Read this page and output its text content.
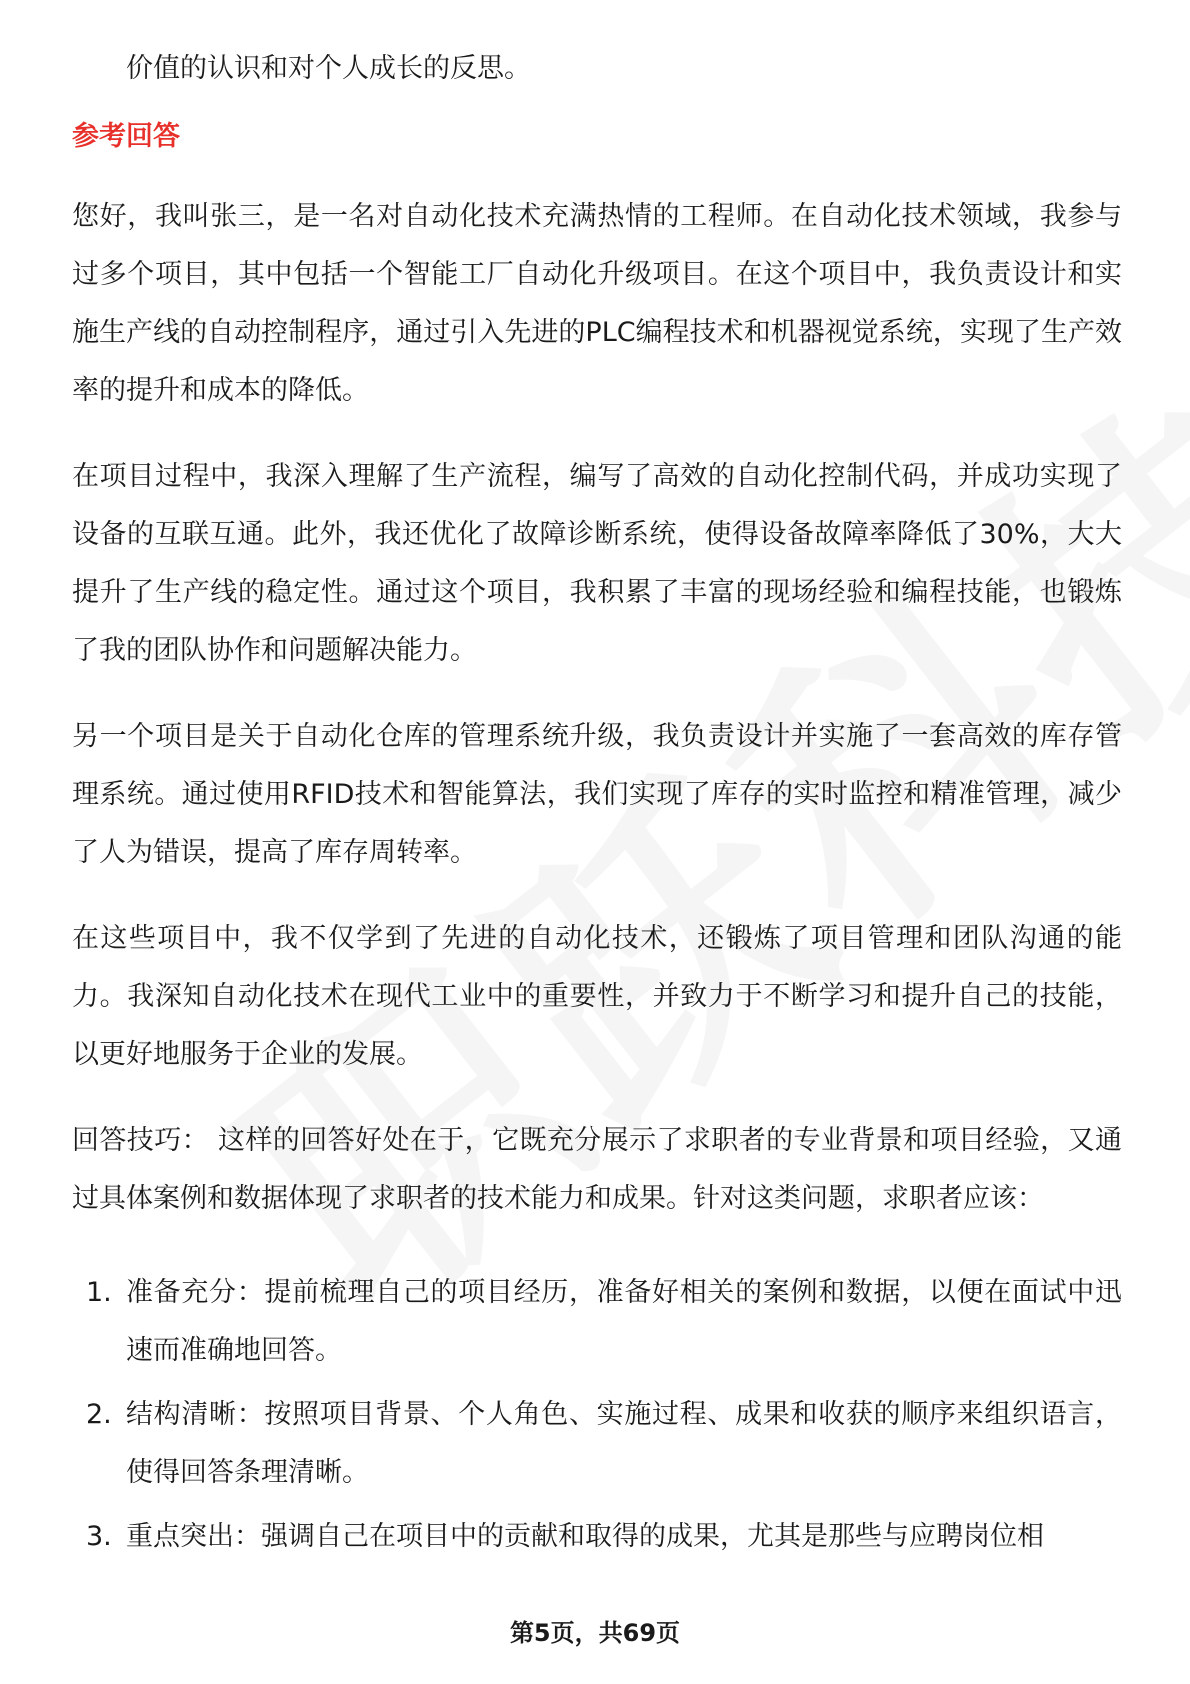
价值的认识和对个人成长的反思。

参考回答

您好，我叫张三，是一名对自动化技术充满热情的工程师。在自动化技术领域，我参与过多个项目，其中包括一个智能工厂自动化升级项目。在这个项目中，我负责设计和实施生产线的自动控制程序，通过引入先进的PLC编程技术和机器视觉系统，实现了生产效率的提升和成本的降低。

在项目过程中，我深入理解了生产流程，编写了高效的自动化控制代码，并成功实现了设备的互联互通。此外，我还优化了故障诊断系统，使得设备故障率降低了30%，大大提升了生产线的稳定性。通过这个项目，我积累了丰富的现场经验和编程技能，也锻炼了我的团队协作和问题解决能力。

另一个项目是关于自动化仓库的管理系统升级，我负责设计并实施了一套高效的库存管理系统。通过使用RFID技术和智能算法，我们实现了库存的实时监控和精准管理，减少了人为错误，提高了库存周转率。

在这些项目中，我不仅学到了先进的自动化技术，还锻炼了项目管理和团队沟通的能力。我深知自动化技术在现代工业中的重要性，并致力于不断学习和提升自己的技能，以更好地服务于企业的发展。

回答技巧： 这样的回答好处在于，它既充分展示了求职者的专业背景和项目经验，又通过具体案例和数据体现了求职者的技术能力和成果。针对这类问题，求职者应该：

1. 准备充分：提前梳理自己的项目经历，准备好相关的案例和数据，以便在面试中迅速而准确地回答。
2. 结构清晰：按照项目背景、个人角色、实施过程、成果和收获的顺序来组织语言，使得回答条理清晰。
3. 重点突出：强调自己在项目中的贡献和取得的成果，尤其是那些与应聘岗位相
第5页，共69页
